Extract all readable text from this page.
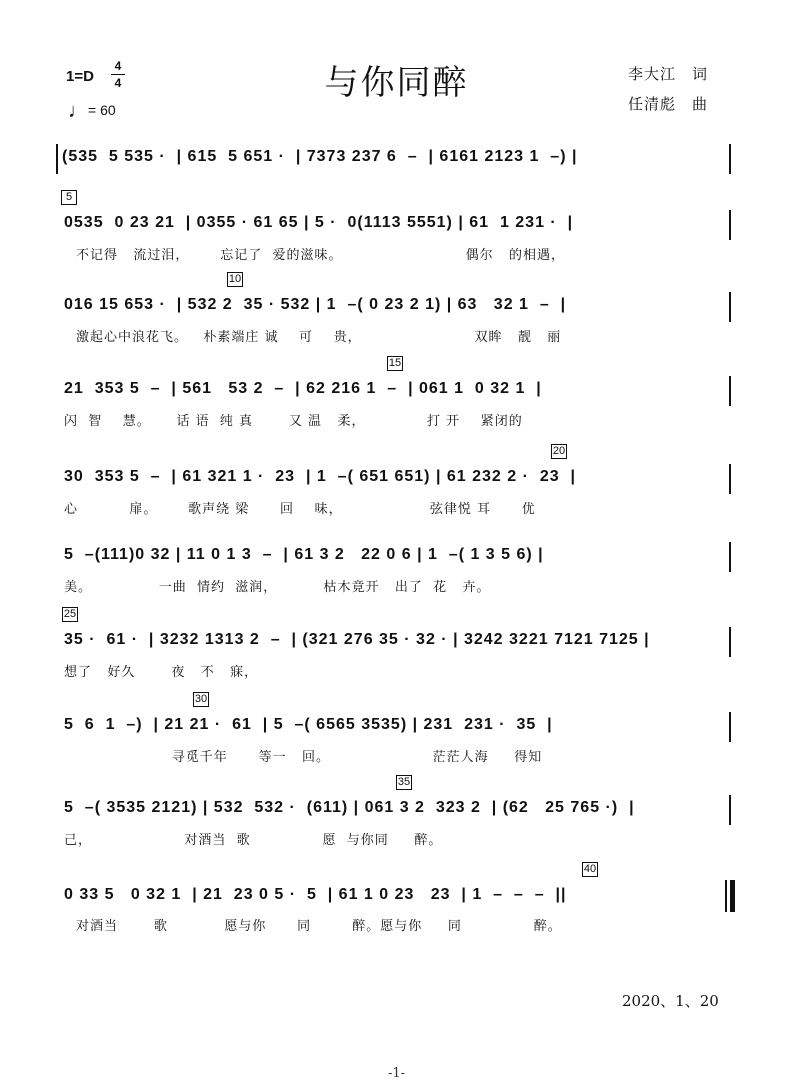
与你同醉
1=D
4
4
♩= 60
李大江　词
任清彪　曲
5
10
15
20
25
30
35
40
(535  5 535 ·  | 615  5 651 ·  | 7373 237 6  –  | 6161 2123 1  –) |
0535  0 23 21  | 0355 · 61 65 | 5 ·  0(1113 5551) | 61  1 231 ·  |
不记得   流过泪，      忘记了  爱的滋味。                        偶尔   的相遇，
016 15 653 ·  | 532 2  35 · 532 | 1  –( 0 23 2 1) | 63   32 1  –  |
激起心中浪花飞。   朴素端庄 诚    可    贵，                      双眸   靓   丽
21  353 5  –  | 561   53 2  –  | 62 216 1  –  | 061 1  0 32 1  |
闪  智    慧。     话 语  纯 真       又 温   柔，            打 开    紧闭的
30  353 5  –  | 61 321 1 ·  23  | 1  –( 651 651) | 61 232 2 ·  23  |
心          扉。      歌声绕 梁      回    味，                 弦律悦 耳      优
5  –(111)0 32 | 11 0 1 3  –  | 61 3 2   22 0 6 | 1  –( 1 3 5 6) |
美。             一曲  情约  滋润，         枯木竟开   出了  花   卉。
35 ·  61 ·  | 3232 1313 2  –  | (321 276 35 · 32 · | 3242 3221 7121 7125 |
想了   好久       夜   不   寐，
5  6  1  –)  | 21 21 ·  61  | 5  –( 6565 3535) | 231  231 ·  35  |
寻觅千年      等一   回。                    茫茫人海     得知
5  –( 3535 2121) | 532  532 ·  (611) | 061 3 2  323 2  | (62   25 765 ·)  |
己，                  对酒当  歌              愿  与你同     醉。
0 33 5   0 32 1  | 21  23 0 5 ·  5  | 61 1 0 23   23  | 1  –  –  –  ||
对酒当       歌           愿与你      同        醉。愿与你     同              醉。
2020、1、20
-1-
